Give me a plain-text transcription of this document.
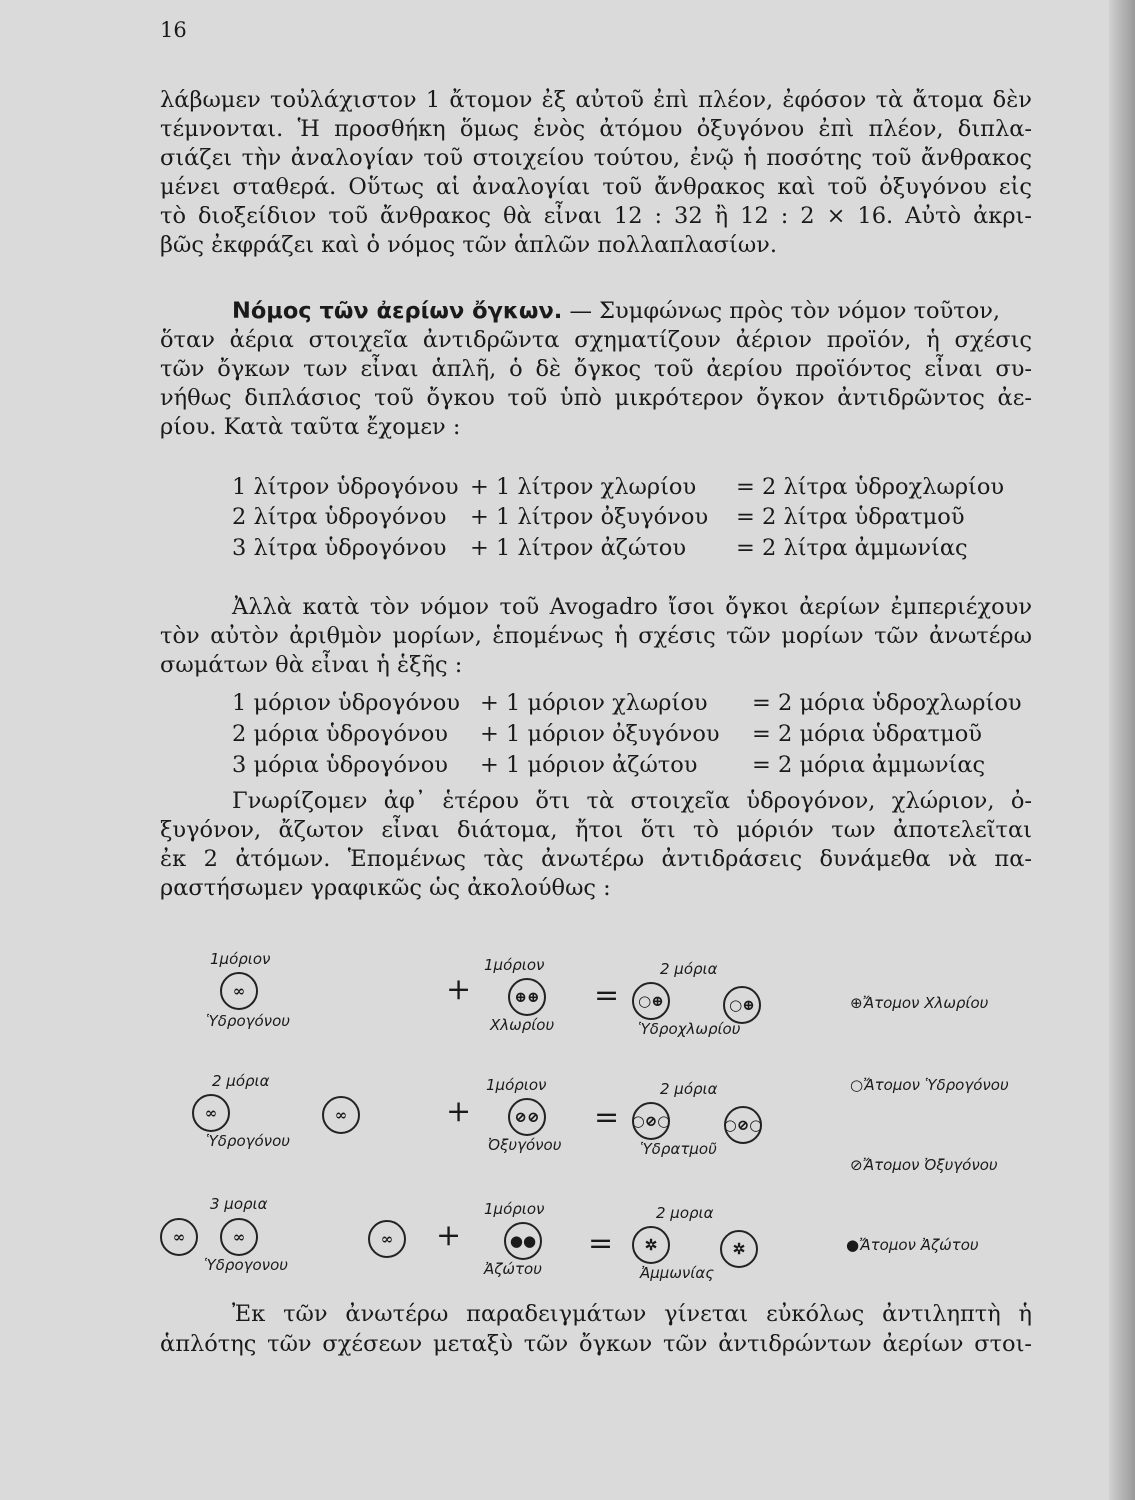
16
λάβωμεν τοὐλάχιστον 1 ἄτομον ἐξ αὐτοῦ ἐπὶ πλέον, ἐφόσον τὰ ἄτομα δὲν
τέμνονται. Ἡ προσθήκη ὅμως ἑνὸς ἀτόμου ὀξυγόνου ἐπὶ πλέον, διπλα-
σιάζει τὴν ἀναλογίαν τοῦ στοιχείου τούτου, ἐνῷ ἡ ποσότης τοῦ ἄνθρακος
μένει σταθερά. Οὕτως αἱ ἀναλογίαι τοῦ ἄνθρακος καὶ τοῦ ὀξυγόνου εἰς
τὸ διοξείδιον τοῦ ἄνθρακος θὰ εἶναι 12 : 32 ἢ 12 : 2 × 16. Αὐτὸ ἀκρι-
βῶς ἐκφράζει καὶ ὁ νόμος τῶν ἁπλῶν πολλαπλασίων.
Νόμος τῶν ἀερίων ὄγκων. — Συμφώνως πρὸς τὸν νόμον τοῦτον,
ὅταν ἀέρια στοιχεῖα ἀντιδρῶντα σχηματίζουν ἀέριον προϊόν, ἡ σχέσις
τῶν ὄγκων των εἶναι ἁπλῆ, ὁ δὲ ὄγκος τοῦ ἀερίου προϊόντος εἶναι συ-
νήθως διπλάσιος τοῦ ὄγκου τοῦ ὑπὸ μικρότερον ὄγκον ἀντιδρῶντος ἀε-
ρίου. Κατὰ ταῦτα ἔχομεν :
1 λίτρον ὑδρογόνου + 1 λίτρον χλωρίου = 2 λίτρα ὑδροχλωρίου
2 λίτρα ὑδρογόνου + 1 λίτρον ὀξυγόνου = 2 λίτρα ὑδρατμοῦ
3 λίτρα ὑδρογόνου + 1 λίτρον ἀζώτου = 2 λίτρα ἀμμωνίας
Ἀλλὰ κατὰ τὸν νόμον τοῦ Avogadro ἴσοι ὄγκοι ἀερίων ἐμπεριέχουν
τὸν αὐτὸν ἀριθμὸν μορίων, ἑπομένως ἡ σχέσις τῶν μορίων τῶν ἀνωτέρω
σωμάτων θὰ εἶναι ἡ ἑξῆς :
1 μόριον ὑδρογόνου + 1 μόριον χλωρίου = 2 μόρια ὑδροχλωρίου
2 μόρια ὑδρογόνου + 1 μόριον ὀξυγόνου = 2 μόρια ὑδρατμοῦ
3 μόρια ὑδρογόνου + 1 μόριον ἀζώτου = 2 μόρια ἀμμωνίας
Γνωρίζομεν ἀφ᾽ ἑτέρου ὅτι τὰ στοιχεῖα ὑδρογόνον, χλώριον, ὀ-
ξυγόνον, ἄζωτον εἶναι διάτομα, ἤτοι ὅτι τὸ μόριόν των ἀποτελεῖται
ἐκ 2 ἀτόμων. Ἑπομένως τὰς ἀνωτέρω ἀντιδράσεις δυνάμεθα νὰ πα-
ραστήσωμεν γραφικῶς ὡς ἀκολούθως :
1μόριον
∞
Ὑδρογόνου
+
1μόριον
⊕⊕
Χλωρίου
=
2 μόρια
○⊕	○⊕
Ὑδροχλωρίου
⊕Ἄτομον Χλωρίου
2 μόρια
∞	∞
Ὑδρογόνου
+
1μόριον
⊘⊘
Ὀξυγόνου
=
2 μόρια
○⊘○	○⊘○
Ὑδρατμοῦ
○Ἄτομον Ὑδρογόνου
⊘Ἄτομον Ὀξυγόνου
3 μορια
∞	∞	∞
Ὑδρογονου
+
1μόριον
●●
Ἀζώτου
=
2 μορια
✲	✲
Ἀμμωνίας
●Ἄτομον Ἀζώτου
Ἐκ τῶν ἀνωτέρω παραδειγμάτων γίνεται εὐκόλως ἀντιληπτὴ ἡ
ἁπλότης τῶν σχέσεων μεταξὺ τῶν ὄγκων τῶν ἀντιδρώντων ἀερίων στοι-
